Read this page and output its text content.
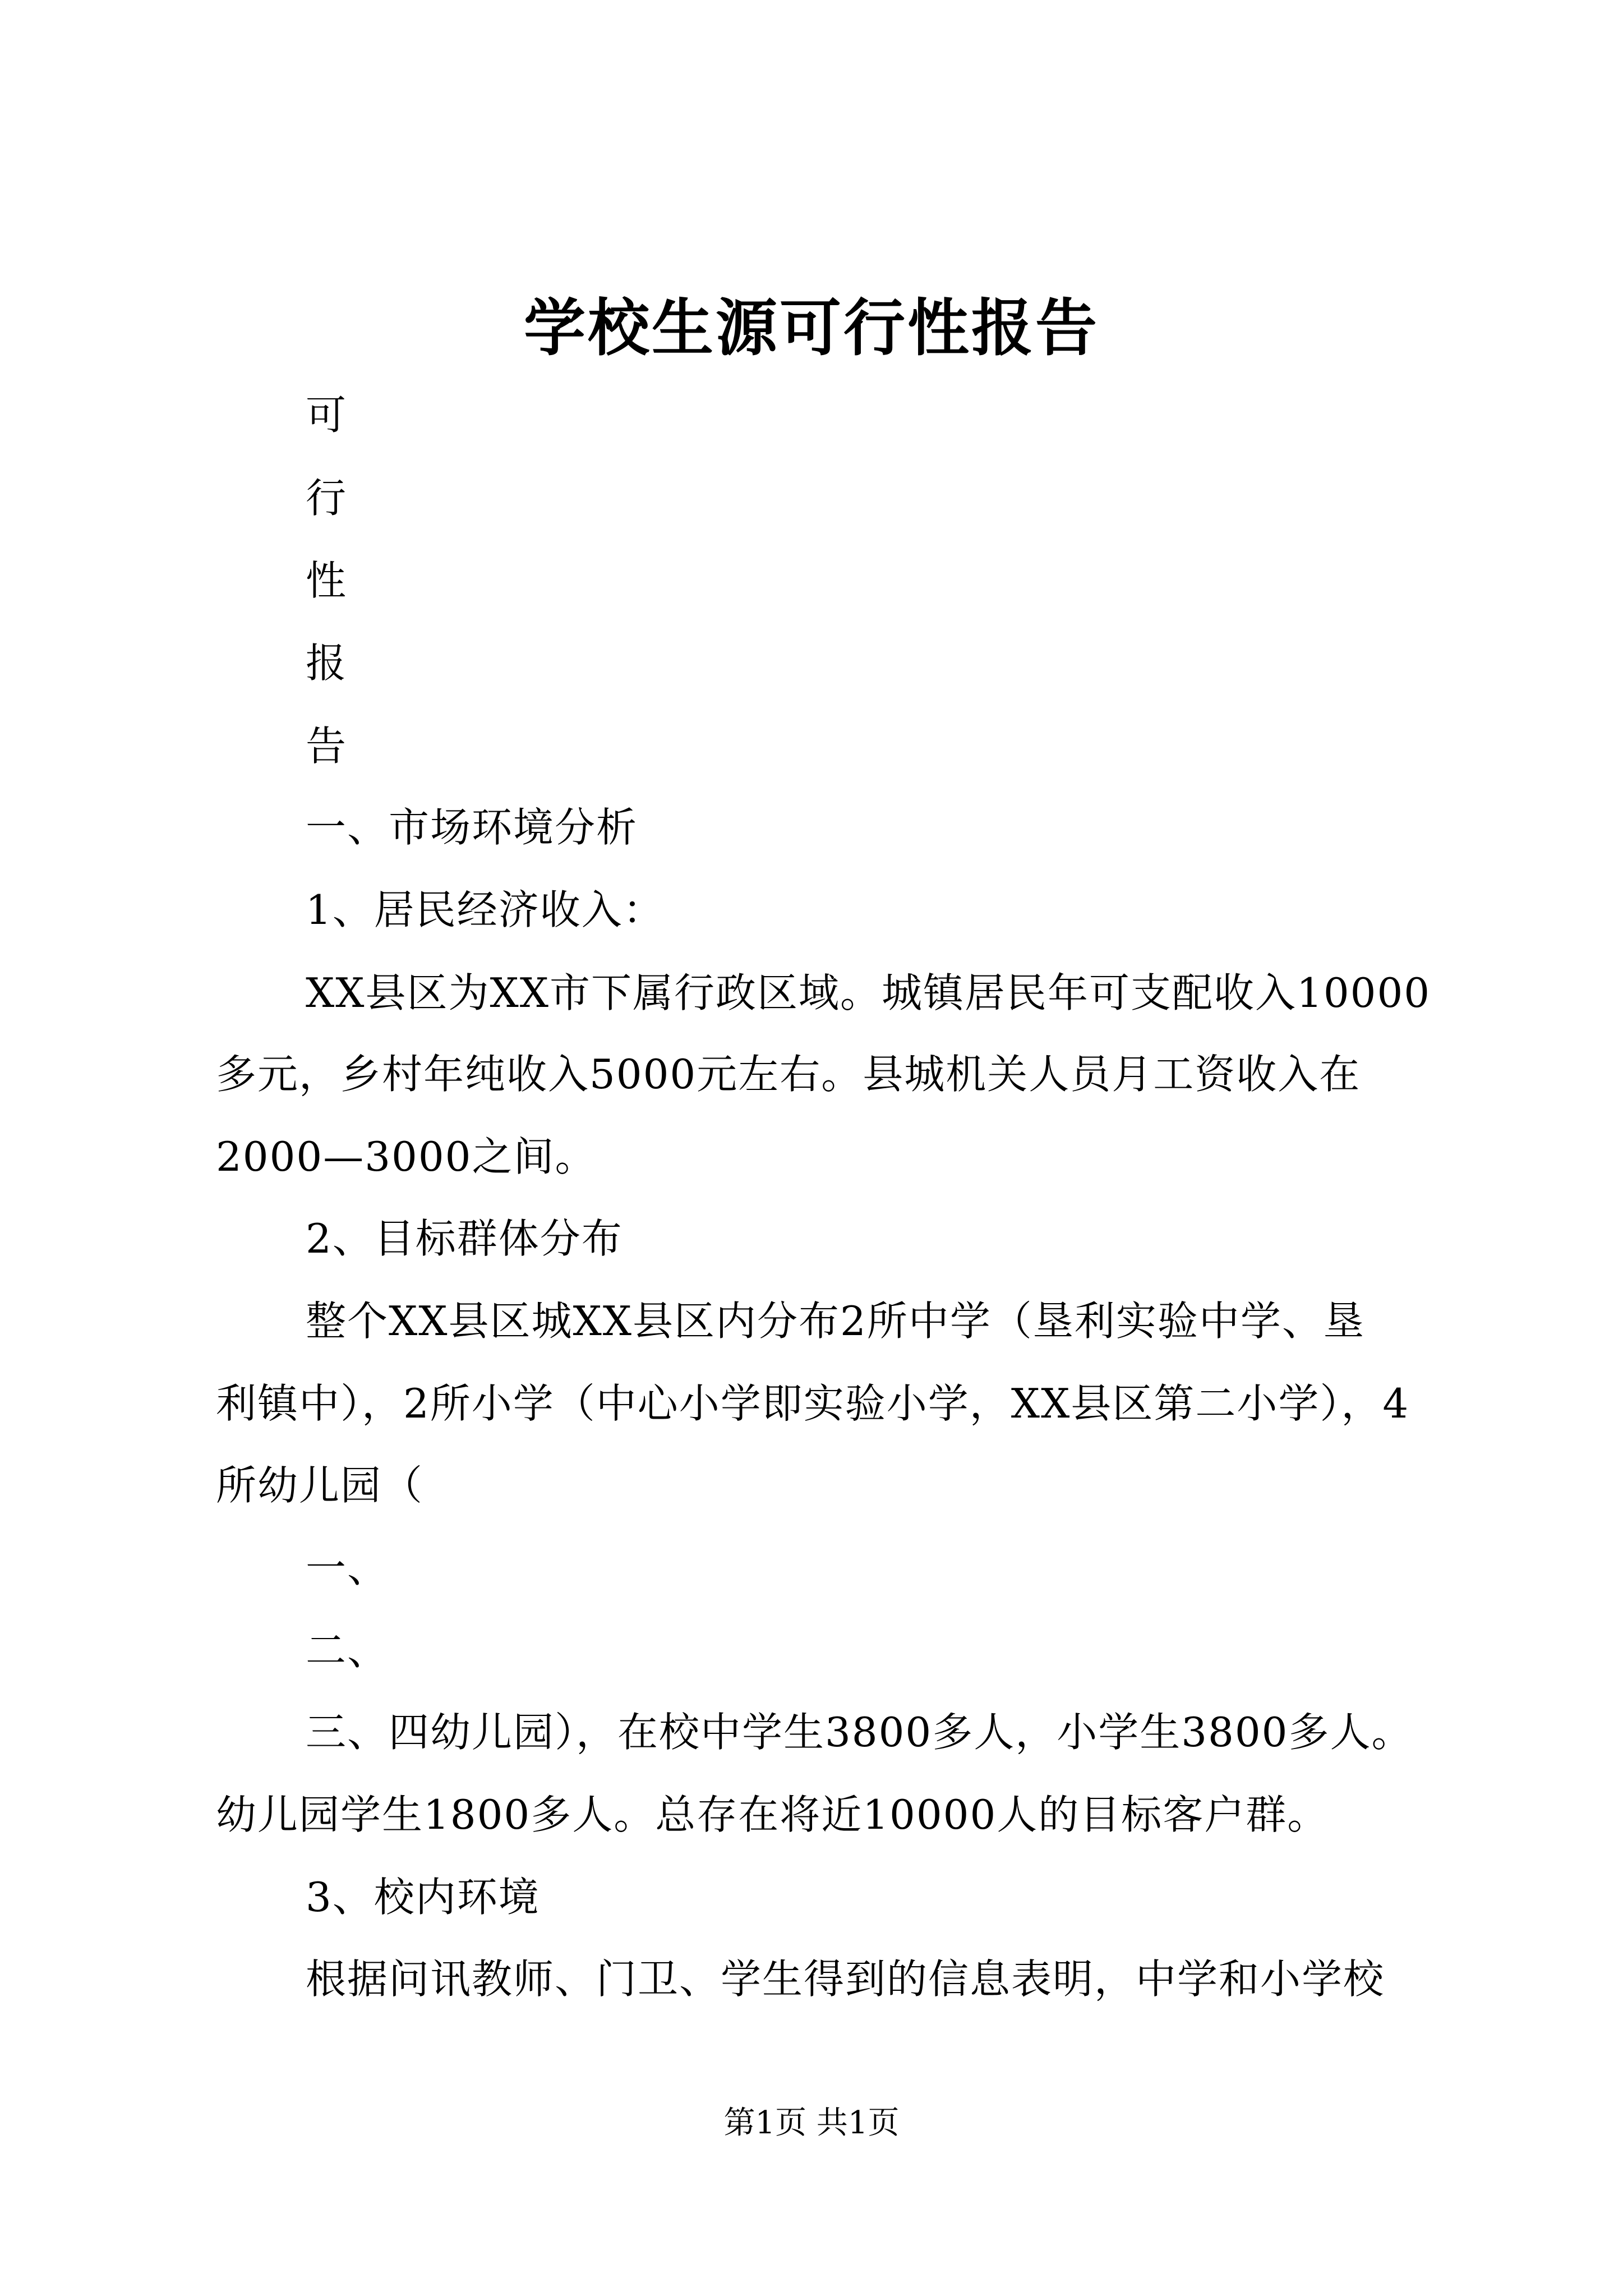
学校生源可行性报告
可
行
性
报
告
一、市场环境分析
1、居民经济收入：
XX县区为XX市下属行政区域。城镇居民年可支配收入10000
多元，乡村年纯收入5000元左右。县城机关人员月工资收入在
2000—3000之间。
2、目标群体分布
整个XX县区城XX县区内分布2所中学（垦利实验中学、垦
利镇中），2所小学（中心小学即实验小学，XX县区第二小学），4
所幼儿园（
一、
二、
三、四幼儿园），在校中学生3800多人，小学生3800多人。
幼儿园学生1800多人。总存在将近10000人的目标客户群。
3、校内环境
根据问讯教师、门卫、学生得到的信息表明，中学和小学校
第1页 共1页
